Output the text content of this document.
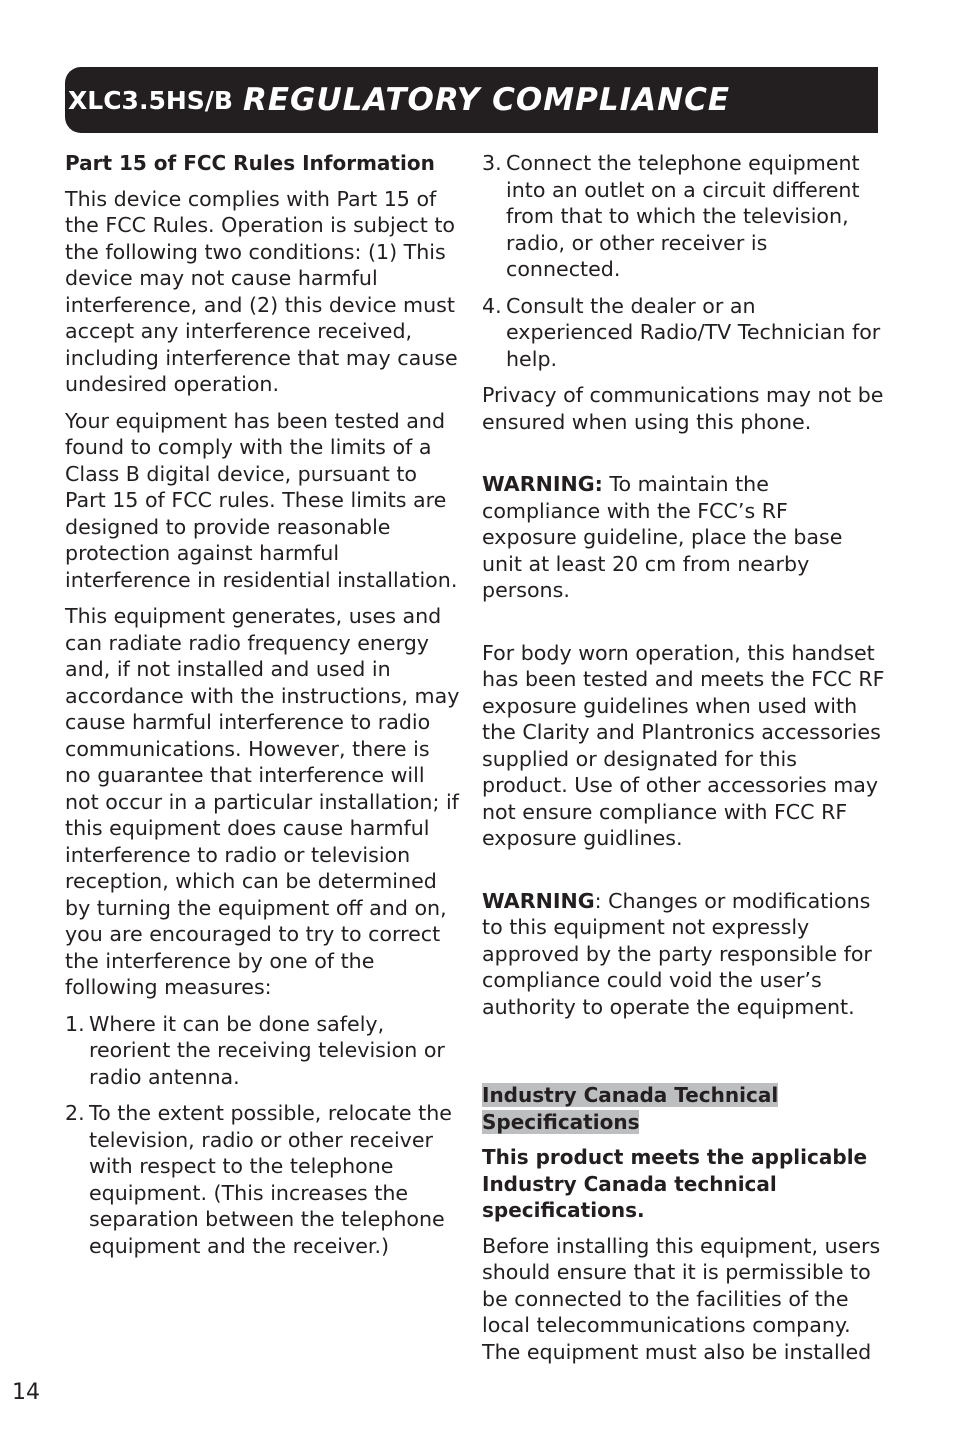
XLC3.5HS/B REGULATORY COMPLIANCE
Part 15 of FCC Rules Information

This device complies with Part 15 of the FCC Rules. Operation is subject to the following two conditions: (1) This device may not cause harmful interference, and (2) this device must accept any interference received, including interference that may cause undesired operation.

Your equipment has been tested and found to comply with the limits of a Class B digital device, pursuant to Part 15 of FCC rules. These limits are designed to provide reasonable protection against harmful interference in residential installation.

This equipment generates, uses and can radiate radio frequency energy and, if not installed and used in accordance with the instructions, may cause harmful interference to radio communications. However, there is no guarantee that interference will not occur in a particular installation; if this equipment does cause harmful interference to radio or television reception, which can be determined by turning the equipment off and on, you are encouraged to try to correct the interference by one of the following measures:

1. Where it can be done safely, reorient the receiving television or radio antenna.
2. To the extent possible, relocate the television, radio or other receiver with respect to the telephone equipment. (This increases the separation between the telephone equipment and the receiver.)
3. Connect the telephone equipment into an outlet on a circuit different from that to which the television, radio, or other receiver is connected.
4. Consult the dealer or an experienced Radio/TV Technician for help.

Privacy of communications may not be ensured when using this phone.

WARNING: To maintain the compliance with the FCC’s RF exposure guideline, place the base unit at least 20 cm from nearby persons.

For body worn operation, this handset has been tested and meets the FCC RF exposure guidelines when used with the Clarity and Plantronics accessories supplied or designated for this product. Use of other accessories may not ensure compliance with FCC RF exposure guidlines.

WARNING: Changes or modifications to this equipment not expressly approved by the party responsible for compliance could void the user’s authority to operate the equipment.

Industry Canada Technical Specifications
This product meets the applicable Industry Canada technical specifications.

Before installing this equipment, users should ensure that it is permissible to be connected to the facilities of the local telecommunications company. The equipment must also be installed

14
